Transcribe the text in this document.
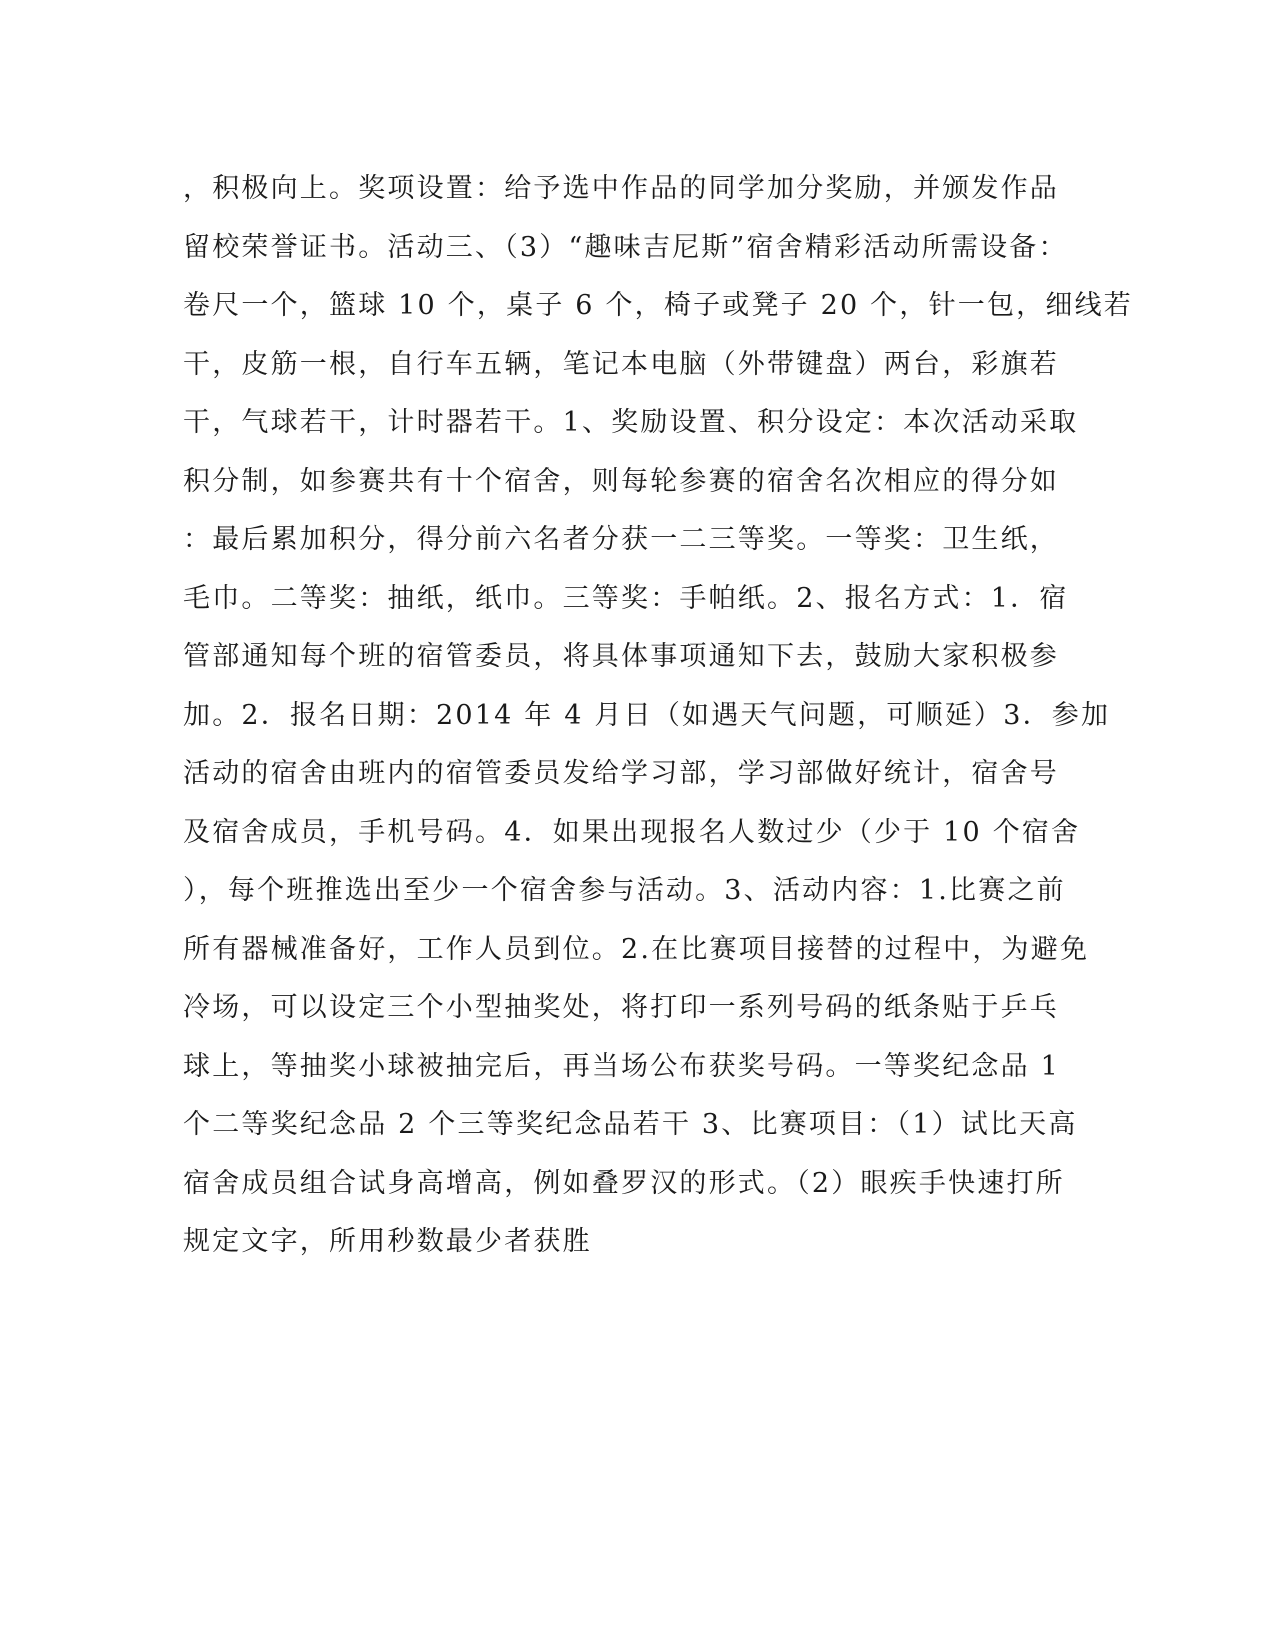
，积极向上。奖项设置：给予选中作品的同学加分奖励，并颁发作品
留校荣誉证书。活动三、（3）“趣味吉尼斯”宿舍精彩活动所需设备：
卷尺一个，篮球 10 个，桌子 6 个，椅子或凳子 20 个，针一包，细线若
干，皮筋一根，自行车五辆，笔记本电脑（外带键盘）两台，彩旗若
干，气球若干，计时器若干。1、奖励设置、积分设定：本次活动采取
积分制，如参赛共有十个宿舍，则每轮参赛的宿舍名次相应的得分如
：最后累加积分，得分前六名者分获一二三等奖。一等奖：卫生纸，
毛巾。二等奖：抽纸，纸巾。三等奖：手帕纸。2、报名方式：1．宿
管部通知每个班的宿管委员，将具体事项通知下去，鼓励大家积极参
加。2．报名日期：2014 年 4 月日（如遇天气问题，可顺延）3．参加
活动的宿舍由班内的宿管委员发给学习部，学习部做好统计，宿舍号
及宿舍成员，手机号码。4．如果出现报名人数过少（少于 10 个宿舍
），每个班推选出至少一个宿舍参与活动。3、活动内容：1.比赛之前
所有器械准备好，工作人员到位。2.在比赛项目接替的过程中，为避免
冷场，可以设定三个小型抽奖处，将打印一系列号码的纸条贴于乒乓
球上，等抽奖小球被抽完后，再当场公布获奖号码。一等奖纪念品 1
个二等奖纪念品 2 个三等奖纪念品若干 3、比赛项目：（1）试比天高
宿舍成员组合试身高增高，例如叠罗汉的形式。（2）眼疾手快速打所
规定文字，所用秒数最少者获胜
